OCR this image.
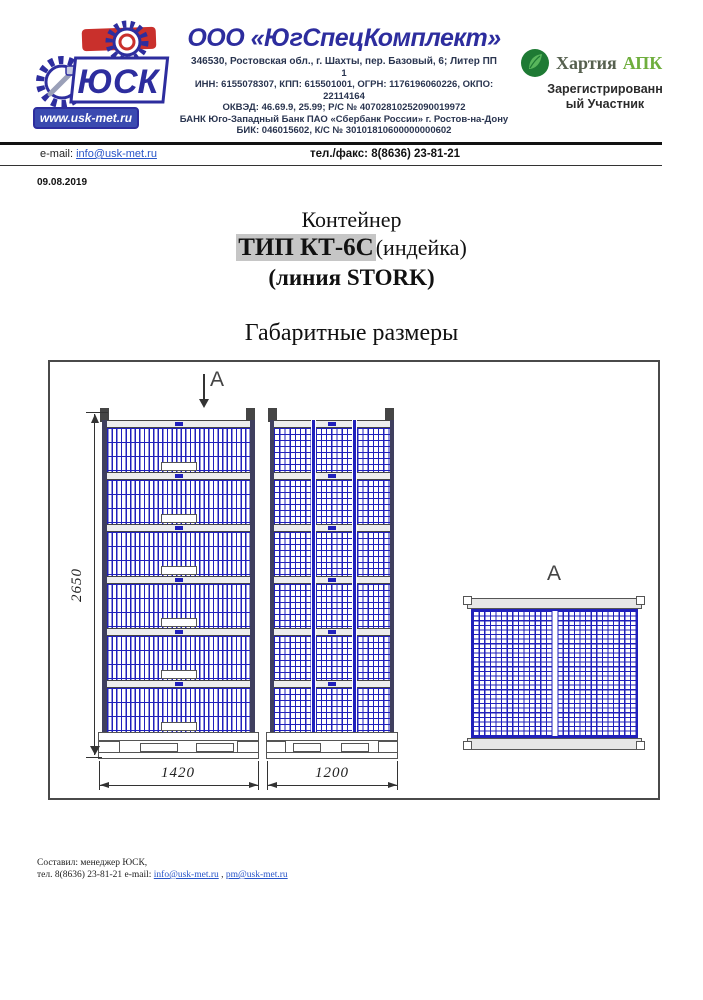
ЮСК
www.usk-met.ru
ООО «ЮгСпецКомплект»
346530, Ростовская обл., г. Шахты, пер. Базовый, 6; Литер ПП
1
ИНН: 6155078307, КПП: 615501001, ОГРН: 1176196060226, ОКПО:
22114164
ОКВЭД: 46.69.9, 25.99; Р/С № 40702810252090019972
БАНК Юго-Западный Банк ПАО «Сбербанк России» г. Ростов-на-Дону
БИК: 046015602, К/С № 30101810600000000602
Хартия АПК
Зарегистрированн
ый Участник
e-mail: info@usk-met.ru	тел./факс: 8(8636) 23-81-21
09.08.2019
Контейнер
ТИП КТ-6С(индейка)
(линия STORK)
Габаритные размеры
A
2650
1420	1200
A
Составил: менеджер ЮСК,
тел. 8(8636) 23-81-21 e-mail: info@usk-met.ru , pm@usk-met.ru
